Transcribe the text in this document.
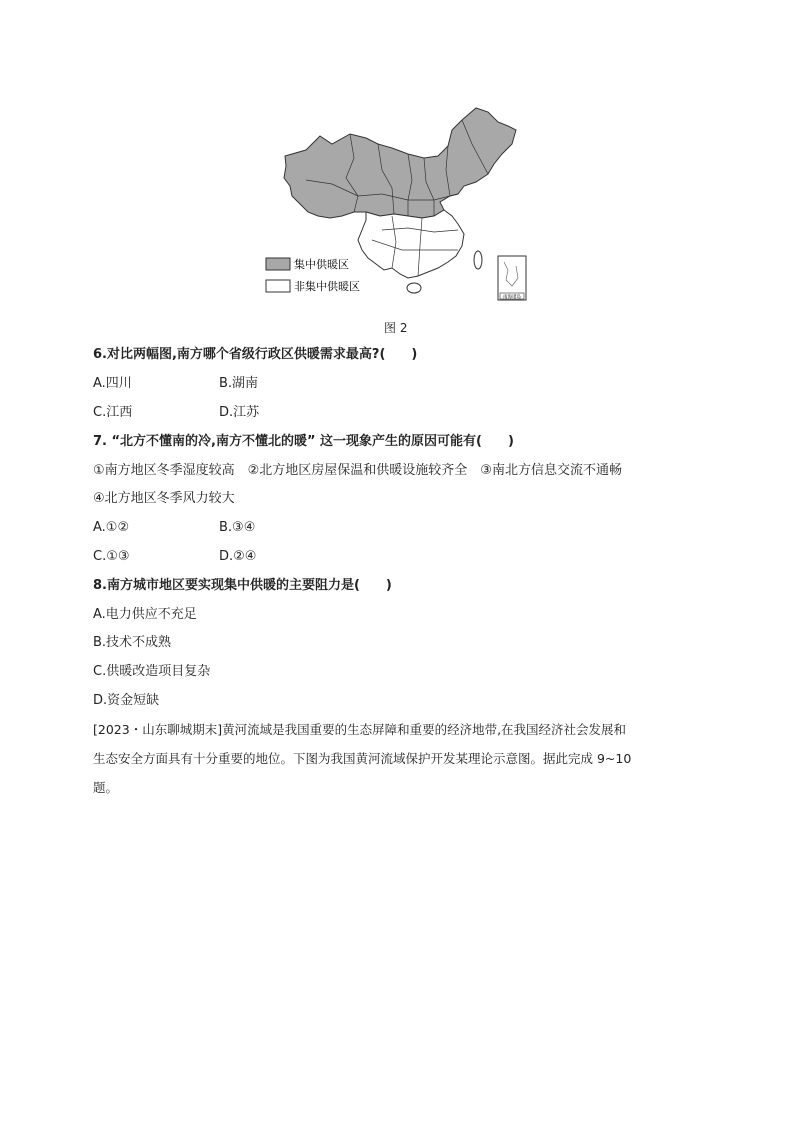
南海诸岛
集中供暖区
非集中供暖区
图 2
6.对比两幅图,南方哪个省级行政区供暖需求最高?(　　)
A.四川	B.湖南
C.江西	D.江苏
7. “北方不懂南的冷,南方不懂北的暖” 这一现象产生的原因可能有(　　)
①南方地区冬季湿度较高　②北方地区房屋保温和供暖设施较齐全　③南北方信息交流不通畅
④北方地区冬季风力较大
A.①②	B.③④
C.①③	D.②④
8.南方城市地区要实现集中供暖的主要阻力是(　　)
A.电力供应不充足
B.技术不成熟
C.供暖改造项目复杂
D.资金短缺
[2023・山东聊城期末]黄河流域是我国重要的生态屏障和重要的经济地带,在我国经济社会发展和
生态安全方面具有十分重要的地位。下图为我国黄河流域保护开发某理论示意图。据此完成 9~10
题。
